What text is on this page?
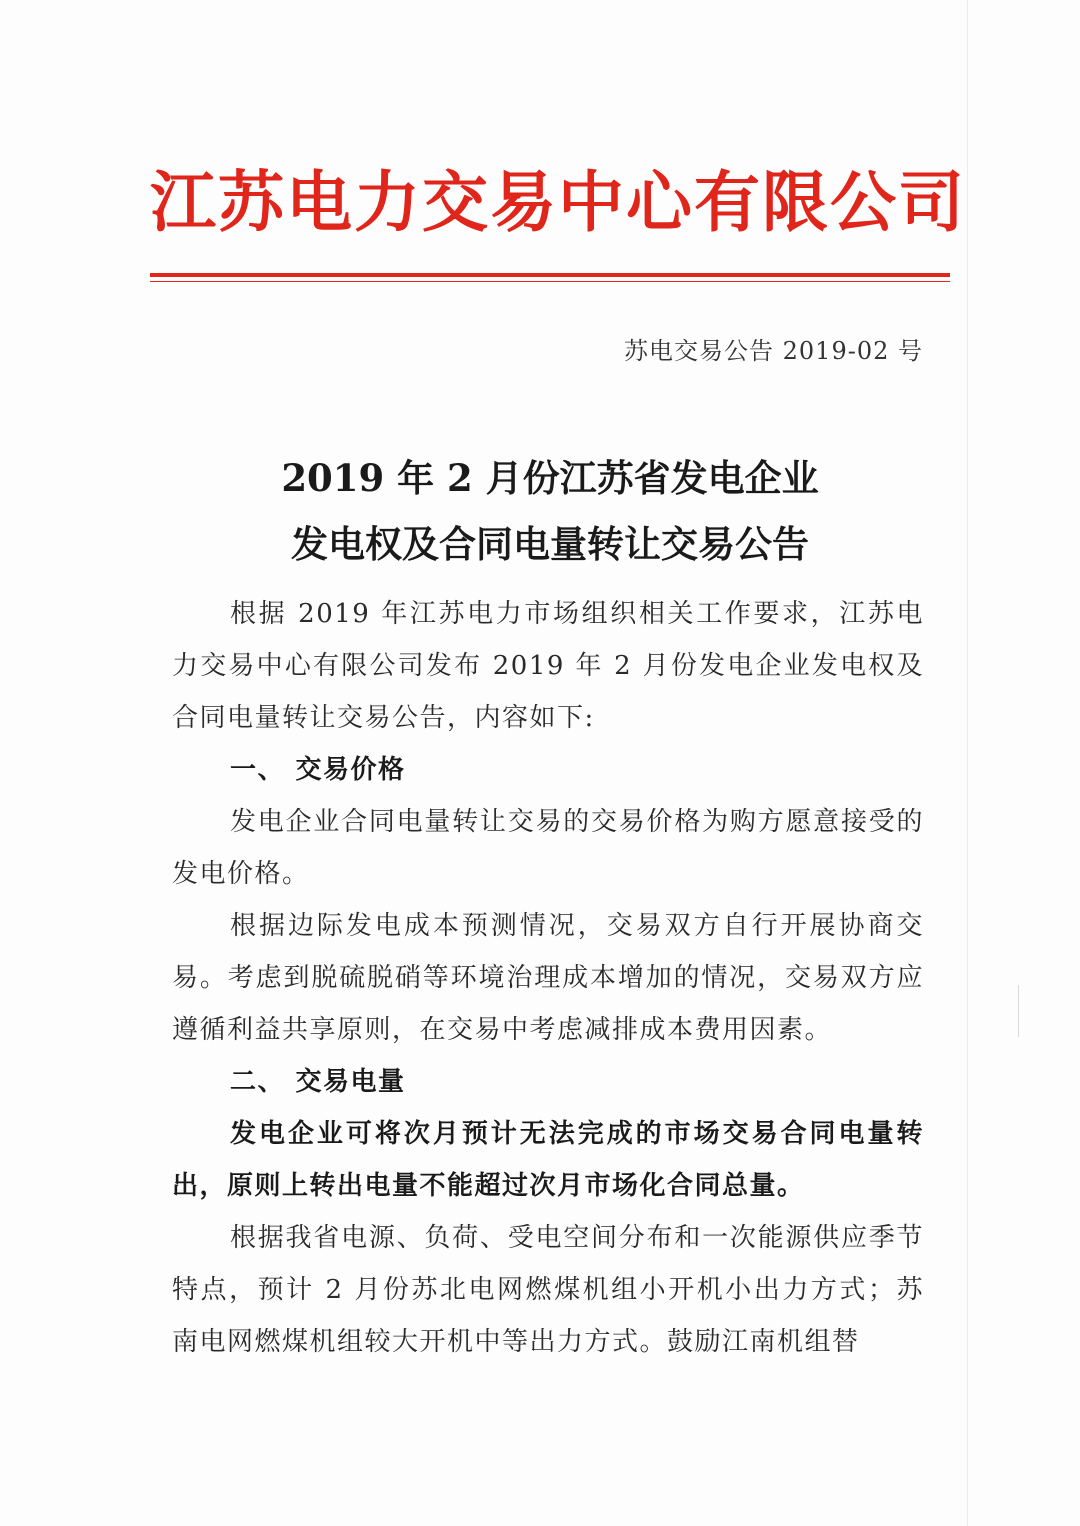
江苏电力交易中心有限公司
苏电交易公告 2019-02 号
2019 年 2 月份江苏省发电企业
发电权及合同电量转让交易公告

根据 2019 年江苏电力市场组织相关工作要求，江苏电力交易中心有限公司发布 2019 年 2 月份发电企业发电权及合同电量转让交易公告，内容如下:

一、 交易价格

发电企业合同电量转让交易的交易价格为购方愿意接受的发电价格。

根据边际发电成本预测情况，交易双方自行开展协商交易。考虑到脱硫脱硝等环境治理成本增加的情况，交易双方应遵循利益共享原则，在交易中考虑减排成本费用因素。

二、 交易电量

发电企业可将次月预计无法完成的市场交易合同电量转出，原则上转出电量不能超过次月市场化合同总量。

根据我省电源、负荷、受电空间分布和一次能源供应季节特点，预计 2 月份苏北电网燃煤机组小开机小出力方式；苏南电网燃煤机组较大开机中等出力方式。鼓励江南机组替
